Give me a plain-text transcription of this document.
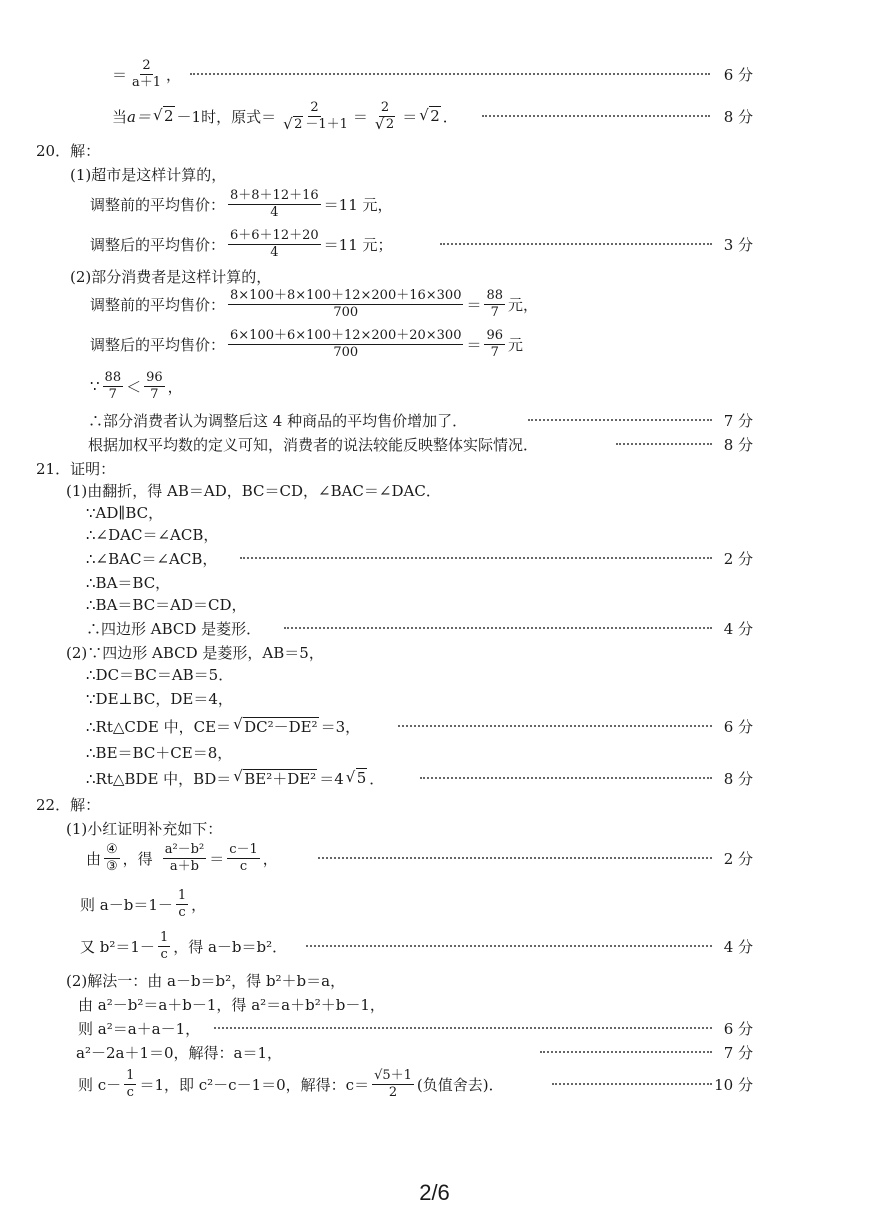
＝ $\frac{2}{a+1}$ ，	6 分
当 a＝ √ 2 －1 时，原式＝ 2
√ 2 －1＋1 ＝ 2
√ 2 ＝ √ 2 ．	8 分
20．解：
(1)超市是这样计算的，
调整前的平均售价： $\frac{8+8+12+16}{4} =11$ 元，
调整后的平均售价： $\frac{6+6+12+20}{4} =11$ 元；	3 分
(2)部分消费者是这样计算的，
调整前的平均售价： $\frac{8\times 100+8\times 100+12\times 200+16\times 300}{700} = \frac{88}{7}$ 元，
调整后的平均售价： $\frac{6\times 100+6\times 100+12\times 200+20\times 300}{700} = \frac{96}{7}$ 元
∵ $\frac{88}{7} < \frac{96}{7}$ ，
∴部分消费者认为调整后这 4 种商品的平均售价增加了．	7 分
根据加权平均数的定义可知，消费者的说法较能反映整体实际情况．	8 分
21．证明：
(1)由翻折，得 AB＝AD，BC＝CD，∠BAC＝∠DAC．
∵AD∥BC，
∴∠DAC＝∠ACB，
∴∠BAC＝∠ACB，	2 分
∴BA＝BC，
∴BA＝BC＝AD＝CD，
∴四边形 ABCD 是菱形．	4 分
(2)∵四边形 ABCD 是菱形，AB＝5，
∴DC＝BC＝AB＝5．
∵DE⊥BC，DE＝4，
∴Rt△CDE 中，CE＝ √ DC²－DE² ＝3，	6 分
∴BE＝BC＋CE＝8，
∴Rt△BDE 中，BD＝ √ BE²＋DE² ＝4 √ 5 ．	8 分
22．解：
(1)小红证明补充如下：
由 $\frac{\text{④}}{\text{③}}$ ，得 $\frac{\text{a²－b²}}{a+b} = \frac{c-1}{c}$ ，	2 分
则 $a-b=1- \frac{1}{c}$ ，
又 $b^2=1- \frac{1}{c}$ ，得 a－b＝b²．	4 分
(2)解法一：由 a－b＝b²，得 b²＋b＝a，
由 a²－b²＝a＋b－1，得 a²＝a＋b²＋b－1，
则 a²＝a＋a－1，	6 分
a²－2a＋1＝0，解得：a＝1，	7 分
则 $c- \frac{1}{c} =1$，即 c²－c－1＝0，解得：$c= \frac{√5+1}{2}$ (负值舍去)．	10 分
2/6
